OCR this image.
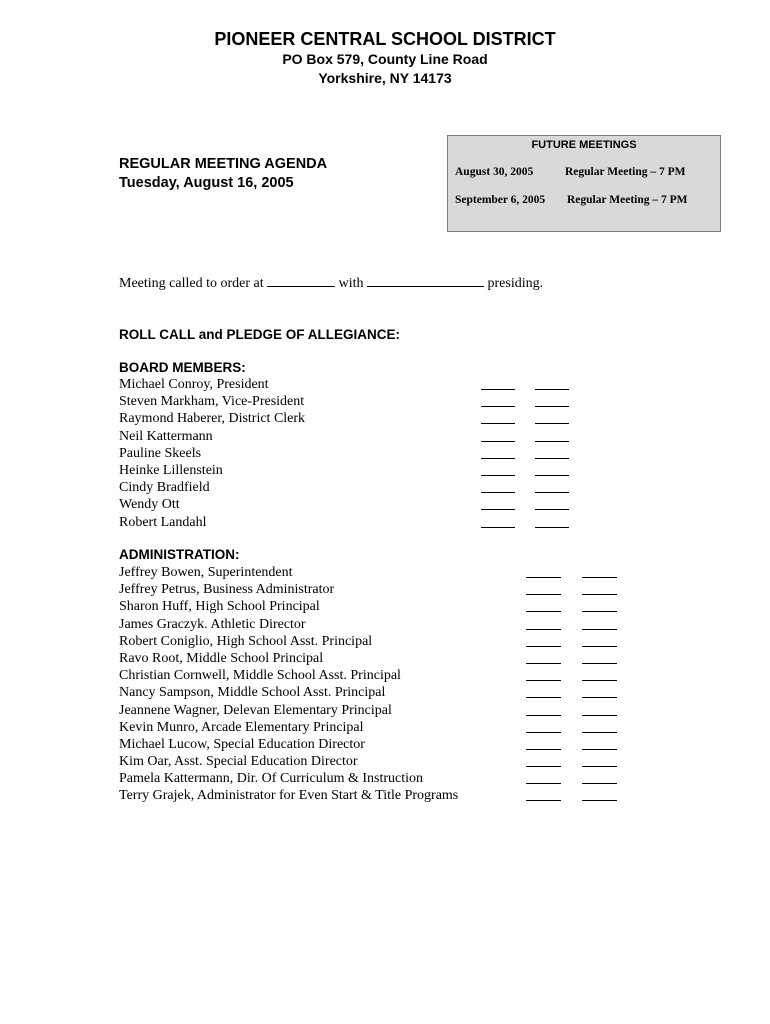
PIONEER CENTRAL SCHOOL DISTRICT
PO Box 579, County Line Road
Yorkshire, NY 14173
FUTURE MEETINGS
August 30, 2005	Regular Meeting – 7 PM
September 6, 2005 Regular Meeting – 7 PM
REGULAR MEETING AGENDA
Tuesday, August 16, 2005
Meeting called to order at	with	presiding.
ROLL CALL and PLEDGE OF ALLEGIANCE:
BOARD MEMBERS:
Michael Conroy, President
Steven Markham, Vice-President
Raymond Haberer, District Clerk
Neil Kattermann
Pauline Skeels
Heinke Lillenstein
Cindy Bradfield
Wendy Ott
Robert Landahl
ADMINISTRATION:
Jeffrey Bowen, Superintendent
Jeffrey Petrus, Business Administrator
Sharon Huff, High School Principal
James Graczyk. Athletic Director
Robert Coniglio, High School Asst. Principal
Ravo Root, Middle School Principal
Christian Cornwell, Middle School Asst. Principal
Nancy Sampson, Middle School Asst. Principal
Jeannene Wagner, Delevan Elementary Principal
Kevin Munro, Arcade Elementary Principal
Michael Lucow, Special Education Director
Kim Oar, Asst. Special Education Director
Pamela Kattermann, Dir. Of Curriculum & Instruction
Terry Grajek, Administrator for Even Start & Title Programs
